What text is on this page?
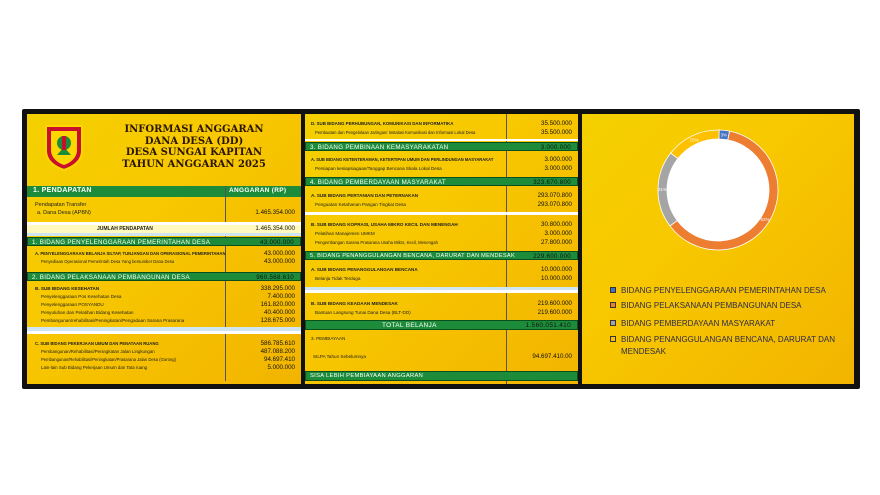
INFORMASI ANGGARAN
DANA DESA (DD)
DESA SUNGAI KAPITAN
TAHUN ANGGARAN 2025
1. PENDAPATAN	ANGGARAN (RP)
Pendapatan Transfer
a. Dana Desa (APBN)	1.465.354.000
JUMLAH PENDAPATAN	1.465.354.000
1. BIDANG PENYELENGGARAAN PEMERINTAHAN DESA	43.000.000
A. PENYELENGGARAAN BELANJA SILTAP, TUNJANGAN DAN OPERASIONAL PEMERINTAHAN	43.000.000
Penyediaan Operasional Pemerintah Desa Yang bersumber Dana Desa	43.000.000
2. BIDANG PELAKSANAAN PEMBANGUNAN DESA	960.568.610
B. SUB BIDANG KESEHATAN	338.295.000
Penyelenggaraan Pos Kesehatan Desa	7.400.000
Penyelenggaraan POSYANDU	161.820.000
Penyuluhan dan Pelatihan Bidang Kesehatan	40.400.000
Pembangunan/rehabilitasi/Peningkatan/Pengadaan Sarana Prasarana	128.675.000
C. SUB BIDANG PEKERJAAN UMUM DAN PENATAAN RUANG	586.785.610
Pembangunan/Rehabilitasi/Peningkatan Jalan Lingkungan	487.088.200
Pembangunan/Rehabilitasi/Peningkatan/Prasarana Jalan Desa (Gorong)	94.697.410
Lain-lain Sub Bidang Pekerjaan Umum dan Tata ruang	5.000.000
D. SUB BIDANG PERHUBUNGAN, KOMUNIKASI DAN INFORMATIKA	35.500.000
Pembuatan dan Pengelolaan Jaringan/ Instalasi Komunikasi dan Informasi Lokal Desa	35.500.000
3. BIDANG PEMBINAAN KEMASYARAKATAN	3.000.000
A. SUB BIDANG KETENTERAMAN, KETERTIPAN UMUM DAN PERLINDUNGAN MASYARAKAT	3.000.000
Persiapan kesiapsiagaan/Tanggap Bencana Skala Lokal Desa	3.000.000
4. BIDANG PEMBERDAYAAN MASYARAKAT	323.670.800
A. SUB BIDANG PERTANIAN DAN PETERNAKAN	293.070.800
Penguatan Ketahanan Pangan Tingkat Desa	293.070.800
B. SUB BIDANG KOPRASI, USAHA MIKRO KECIL DAN MENENGAH	30.800.000
Pelatihan Manajemen UMKM	3.000.000
Pengembangan Sarana Prasarana Usaha Mikro, Kecil, Menengah	27.800.000
5. BIDANG PENANGGULANGAN BENCANA, DARURAT DAN MENDESAK	229.600.000
A. SUB BIDANG PENANGGULANGAN BENCANA	10.000.000
Belanja Tidak Terduga	10.000.000
B. SUB BIDANG KEADAAN MENDESAK	219.600.000
Bantuan Langsung Tunai Dana Desa (BLT-DD)	219.600.000
TOTAL BELANJA	1.560.051.410
3. PEMBIAYAAN
SILPA Tahun Sebelumnya	94.697.410.00
SISA LEBIH PEMBIAYAAN ANGGARAN
3%
62%
21%
15%
BIDANG PENYELENGGARAAN PEMERINTAHAN DESA
BIDANG PELAKSANAAN PEMBANGUNAN DESA
BIDANG PEMBERDAYAAN MASYARAKAT
BIDANG PENANGGULANGAN BENCANA, DARURAT DAN MENDESAK
